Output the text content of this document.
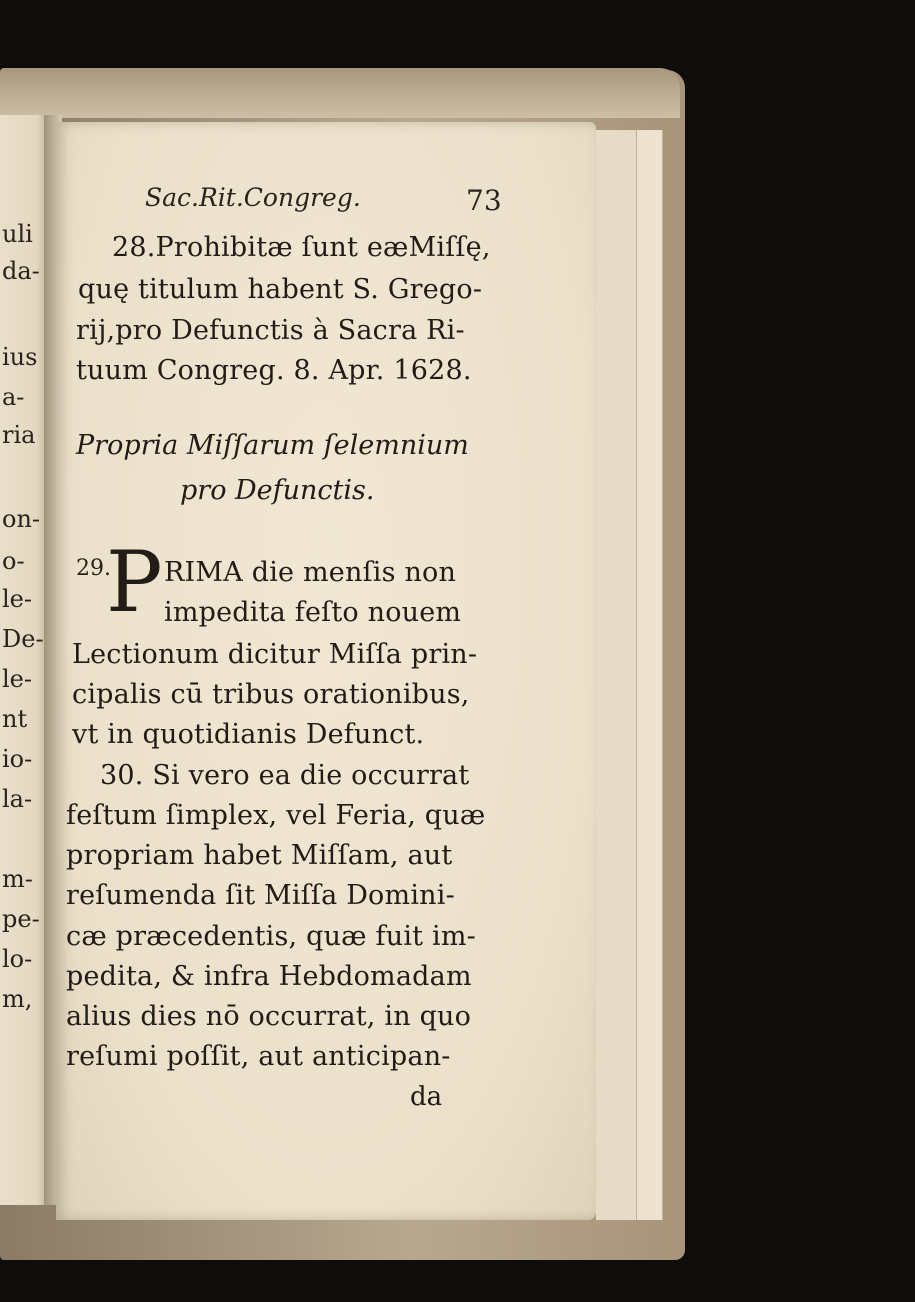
uli
da-
ius
a-
ria
on-
o-
le-
De-
le-
nt
io-
la-
m-
pe-
lo-
m,
Sac.Rit.Congreg.	73
28.Prohibitæ ſunt eæMiſſę,
quę titulum habent S. Grego-
rij,pro Defunctis à Sacra Ri-
tuum Congreg. 8. Apr. 1628.
Propria Miſſarum ſelemnium
pro Defunctis.
29.
P RIMA die menſis non
impedita feſto nouem
Lectionum dicitur Miſſa prin-
cipalis cū tribus orationibus,
vt in quotidianis Defunct.
30. Si vero ea die occurrat
feſtum ſimplex, vel Feria, quæ
propriam habet Miſſam, aut
reſumenda ſit Miſſa Domini-
cæ præcedentis, quæ fuit im-
pedita, & infra Hebdomadam
alius dies nō occurrat, in quo
reſumi poſſit, aut anticipan-
da
